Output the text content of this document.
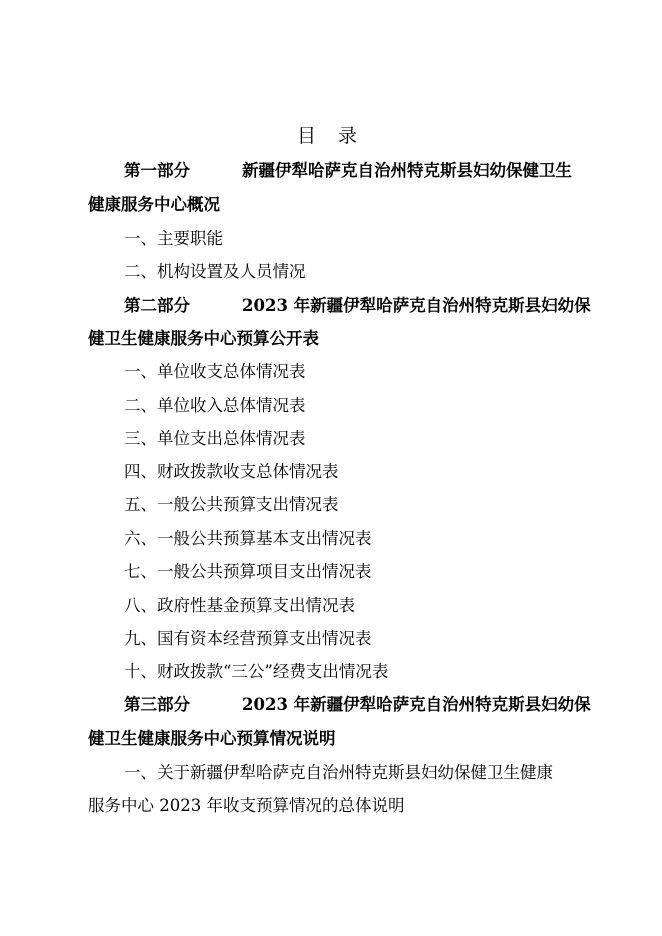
目 录
第一部分	新疆伊犁哈萨克自治州特克斯县妇幼保健卫生
健康服务中心概况
一、主要职能
二、机构设置及人员情况
第二部分	2023 年新疆伊犁哈萨克自治州特克斯县妇幼保
健卫生健康服务中心预算公开表
一、单位收支总体情况表
二、单位收入总体情况表
三、单位支出总体情况表
四、财政拨款收支总体情况表
五、一般公共预算支出情况表
六、一般公共预算基本支出情况表
七、一般公共预算项目支出情况表
八、政府性基金预算支出情况表
九、国有资本经营预算支出情况表
十、财政拨款“三公”经费支出情况表
第三部分	2023 年新疆伊犁哈萨克自治州特克斯县妇幼保
健卫生健康服务中心预算情况说明
一、关于新疆伊犁哈萨克自治州特克斯县妇幼保健卫生健康
服务中心 2023 年收支预算情况的总体说明
